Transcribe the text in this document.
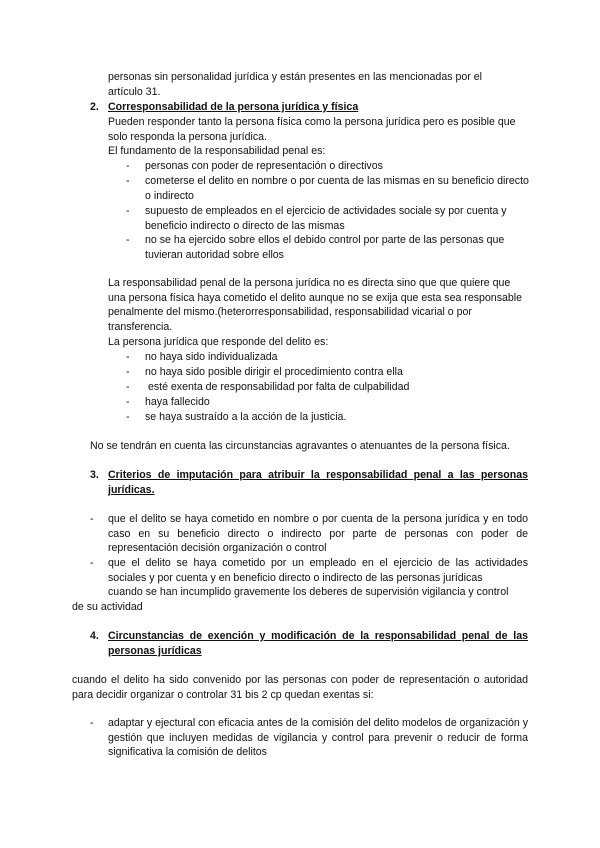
personas sin personalidad jurídica y están presentes en las mencionadas por el
artículo 31.
2. Corresponsabilidad de la persona jurídica y física
Pueden responder tanto la persona física como la persona jurídica pero es posible que solo responda la persona jurídica.
El fundamento de la responsabilidad penal es:
- personas con poder de representación o directivos
- cometerse el delito en nombre o por cuenta de las mismas en su beneficio directo o indirecto
- supuesto de empleados en el ejercicio de actividades sociale sy por cuenta y beneficio indirecto o directo de las mismas
- no se ha ejercido sobre ellos el debido control por parte de las personas que tuvieran autoridad sobre ellos
La responsabilidad penal de la persona jurídica no es directa sino que que quiere que una persona física haya cometido el delito aunque no se exija que esta sea responsable penalmente del mismo.(heterorresponsabilidad, responsabilidad vicarial o por transferencia.
La persona jurídica que responde del delito es:
- no haya sido individualizada
- no haya sido posible dirigir el procedimiento contra ella
- esté exenta de responsabilidad por falta de culpabilidad
- haya fallecido
- se haya sustraído a la acción de la justicia.
No se tendrán en cuenta las circunstancias agravantes o atenuantes de la persona física.
3. Criterios de imputación para atribuir la responsabilidad penal a las personas jurídicas.
- que el delito se haya cometido en nombre o por cuenta de la persona jurídica y en todo caso en su beneficio directo o indirecto por parte de personas con poder de representación decisión organización o control
- que el delito se haya cometido por un empleado en el ejercicio de las actividades sociales y por cuenta y en beneficio directo o indirecto de las personas jurídicas
cuando se han incumplido gravemente los deberes de supervisión vigilancia y control
de su actividad
4. Circunstancias de exención y modificación de la responsabilidad penal de las personas jurídicas
cuando el delito ha sido convenido por las personas con poder de representación o autoridad para decidir organizar o controlar 31 bis 2 cp quedan exentas si:
- adaptar y ejectural con eficacia antes de la comisión del delito modelos de organización y gestión que incluyen medidas de vigilancia y control para prevenir o reducir de forma significativa la comisión de delitos
